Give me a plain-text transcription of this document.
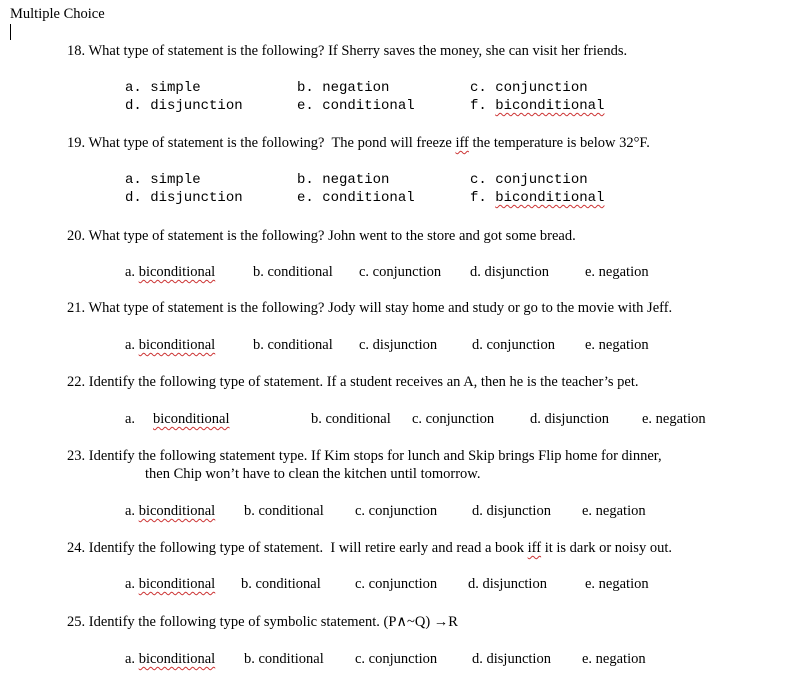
Multiple Choice
18. What type of statement is the following? If Sherry saves the money, she can visit her friends.
a. simple	b. negation	c. conjunction
d. disjunction	e. conditional	f. biconditional
19. What type of statement is the following?  The pond will freeze iff the temperature is below 32°F.
a. simple	b. negation	c. conjunction
d. disjunction	e. conditional	f. biconditional
20. What type of statement is the following? John went to the store and got some bread.
a. biconditional	b. conditional c. conjunction d. disjunction e. negation
21. What type of statement is the following? Jody will stay home and study or go to the movie with Jeff.
a. biconditional	b. conditional c. disjunction d. conjunction e. negation
22. Identify the following type of statement. If a student receives an A, then he is the teacher’s pet.
a. biconditional	b. conditional c. conjunction d. disjunction e. negation
23. Identify the following statement type. If Kim stops for lunch and Skip brings Flip home for dinner,
then Chip won’t have to clean the kitchen until tomorrow.
a. biconditional b. conditional c. conjunction d. disjunction e. negation
24. Identify the following type of statement.  I will retire early and read a book iff it is dark or noisy out.
a. biconditional b. conditional c. conjunction d. disjunction	e. negation
25. Identify the following type of symbolic statement. (P∧~Q) →R
a. biconditional b. conditional c. conjunction d. disjunction e. negation
